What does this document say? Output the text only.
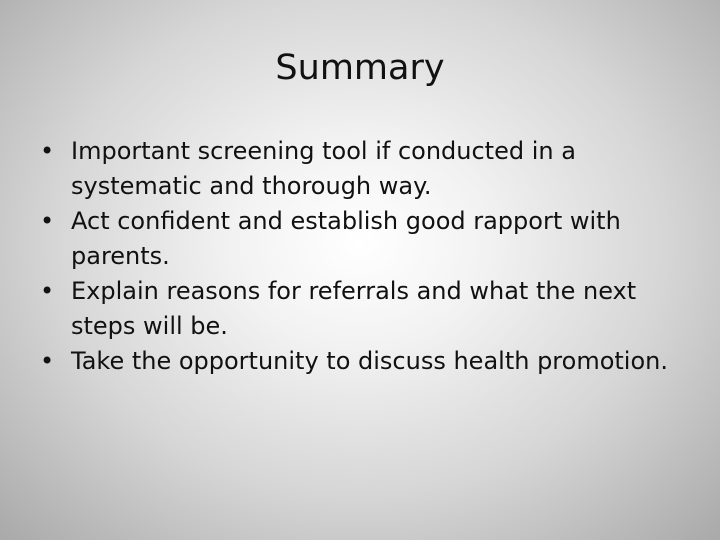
Summary
• Important screening tool if conducted in a systematic and thorough way.
• Act confident and establish good rapport with parents.
• Explain reasons for referrals and what the next steps will be.
• Take the opportunity to discuss health promotion.
